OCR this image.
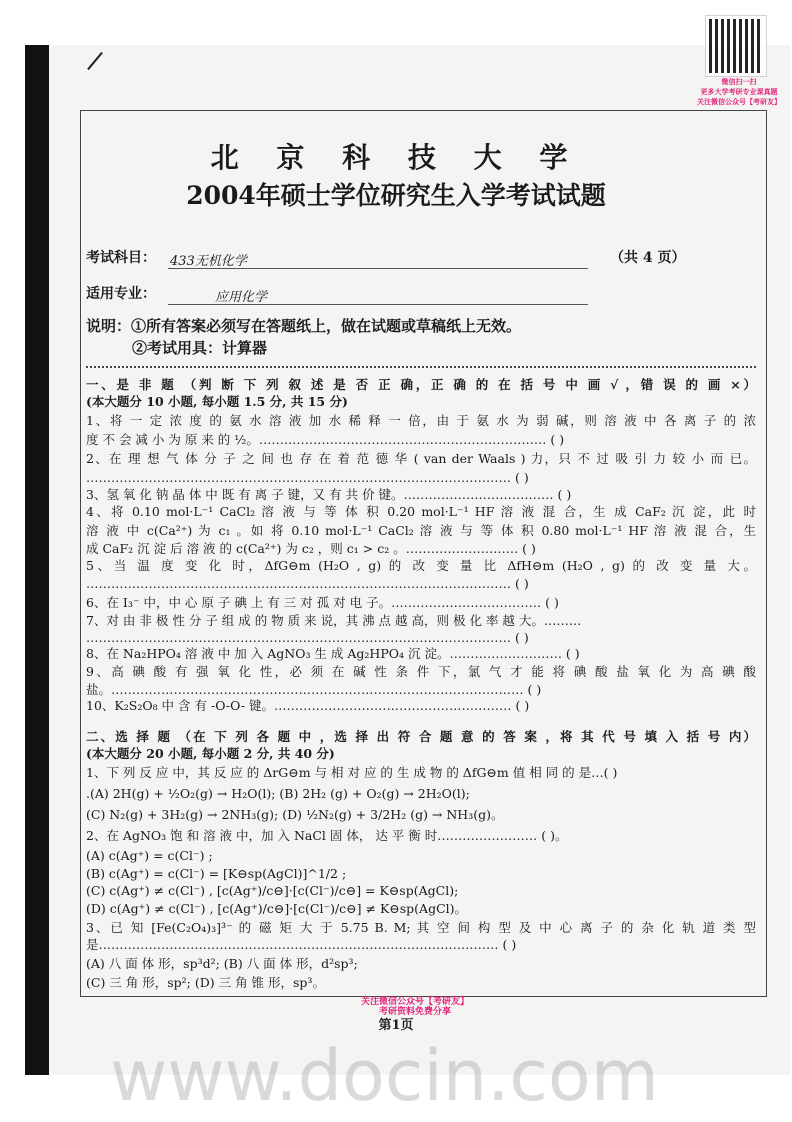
微信扫一扫
更多大学考研专业课真题
关注微信公众号【考研友】
北 京 科 技 大 学
2004年硕士学位研究生入学考试试题
考试科目：	433无机化学	（共 4 页）
适用专业：	应用化学
说明：①所有答案必须写在答题纸上，做在试题或草稿纸上无效。
②考试用具：计算器
关注微信公众号【考研友】
考研资料免费分享
第1页
www.docin.com
一、是 非 题 （判 断 下 列 叙 述 是 否 正 确，正 确 的 在 括 号 中 画 √ ，错 误 的 画 ×）
(本大题分 10 小题, 每小题 1.5 分, 共 15 分)
1、将 一 定 浓 度 的 氨 水 溶 液 加 水 稀 释 一 倍，由 于 氨 水 为 弱 碱，则 溶 液 中 各 离 子 的 浓
度 不 会 减 小 为 原 来 的 ½。…………………………………………………………… ( )
2、在 理 想 气 体 分 子 之 间 也 存 在 着 范 德 华 ( van der Waals ) 力，只 不 过 吸 引 力 较 小 而 已。
………………………………………………………………………………………… ( )
3、氢 氧 化 钠 晶 体 中 既 有 离 子 键，又 有 共 价 键。……………………………… ( )
4、将 0.10 mol·L⁻¹ CaCl₂ 溶 液 与 等 体 积 0.20 mol·L⁻¹ HF 溶 液 混 合，生 成 CaF₂ 沉 淀，此 时
溶 液 中 c(Ca²⁺) 为 c₁ 。如 将 0.10 mol·L⁻¹ CaCl₂ 溶 液 与 等 体 积 0.80 mol·L⁻¹ HF 溶 液 混 合，生
成 CaF₂ 沉 淀 后 溶 液 的 c(Ca²⁺) 为 c₂ ，则 c₁ > c₂ 。……………………… ( )
5、当 温 度 变 化 时，ΔfG⊖m (H₂O , g) 的 改 变 量 比 ΔfH⊖m (H₂O , g) 的 改 变 量 大。
………………………………………………………………………………………… ( )
6、在 I₃⁻ 中，中 心 原 子 碘 上 有 三 对 孤 对 电 子。……………………………… ( )
7、对 由 非 极 性 分 子 组 成 的 物 质 来 说，其 沸 点 越 高，则 极 化 率 越 大。………
………………………………………………………………………………………… ( )
8、在 Na₂HPO₄ 溶 液 中 加 入 AgNO₃ 生 成 Ag₂HPO₄ 沉 淀。……………………… ( )
9、高 碘 酸 有 强 氧 化 性，必 须 在 碱 性 条 件 下，氯 气 才 能 将 碘 酸 盐 氧 化 为 高 碘 酸
盐。……………………………………………………………………………………… ( )
10、K₂S₂O₈ 中 含 有 -O-O- 键。………………………………………………… ( )
二、选 择 题 （在 下 列 各 题 中 ，选 择 出 符 合 题 意 的 答 案 ，将 其 代 号 填 入 括 号 内）
(本大题分 20 小题, 每小题 2 分, 共 40 分)
1、下 列 反 应 中，其 反 应 的 ΔrG⊖m 与 相 对 应 的 生 成 物 的 ΔfG⊖m 值 相 同 的 是…( )
.(A) 2H(g) + ½O₂(g) → H₂O(l); (B) 2H₂ (g) + O₂(g) → 2H₂O(l);
(C) N₂(g) + 3H₂(g) → 2NH₃(g); (D) ½N₂(g) + 3/2H₂ (g) → NH₃(g)。
2、在 AgNO₃ 饱 和 溶 液 中，加 入 NaCl 固 体， 达 平 衡 时…………………… ( )。
(A) c(Ag⁺) = c(Cl⁻) ;
(B) c(Ag⁺) = c(Cl⁻) = [K⊖sp(AgCl)]^1/2 ;
(C) c(Ag⁺) ≠ c(Cl⁻) , [c(Ag⁺)/c⊖]·[c(Cl⁻)/c⊖] = K⊖sp(AgCl);
(D) c(Ag⁺) ≠ c(Cl⁻) , [c(Ag⁺)/c⊖]·[c(Cl⁻)/c⊖] ≠ K⊖sp(AgCl)。
3、已 知 [Fe(C₂O₄)₃]³⁻ 的 磁 矩 大 于 5.75 B. M; 其 空 间 构 型 及 中 心 离 子 的 杂 化 轨 道 类 型
是…………………………………………………………………………………… ( )
(A) 八 面 体 形，sp³d²; (B) 八 面 体 形，d²sp³;
(C) 三 角 形，sp²; (D) 三 角 锥 形，sp³。
